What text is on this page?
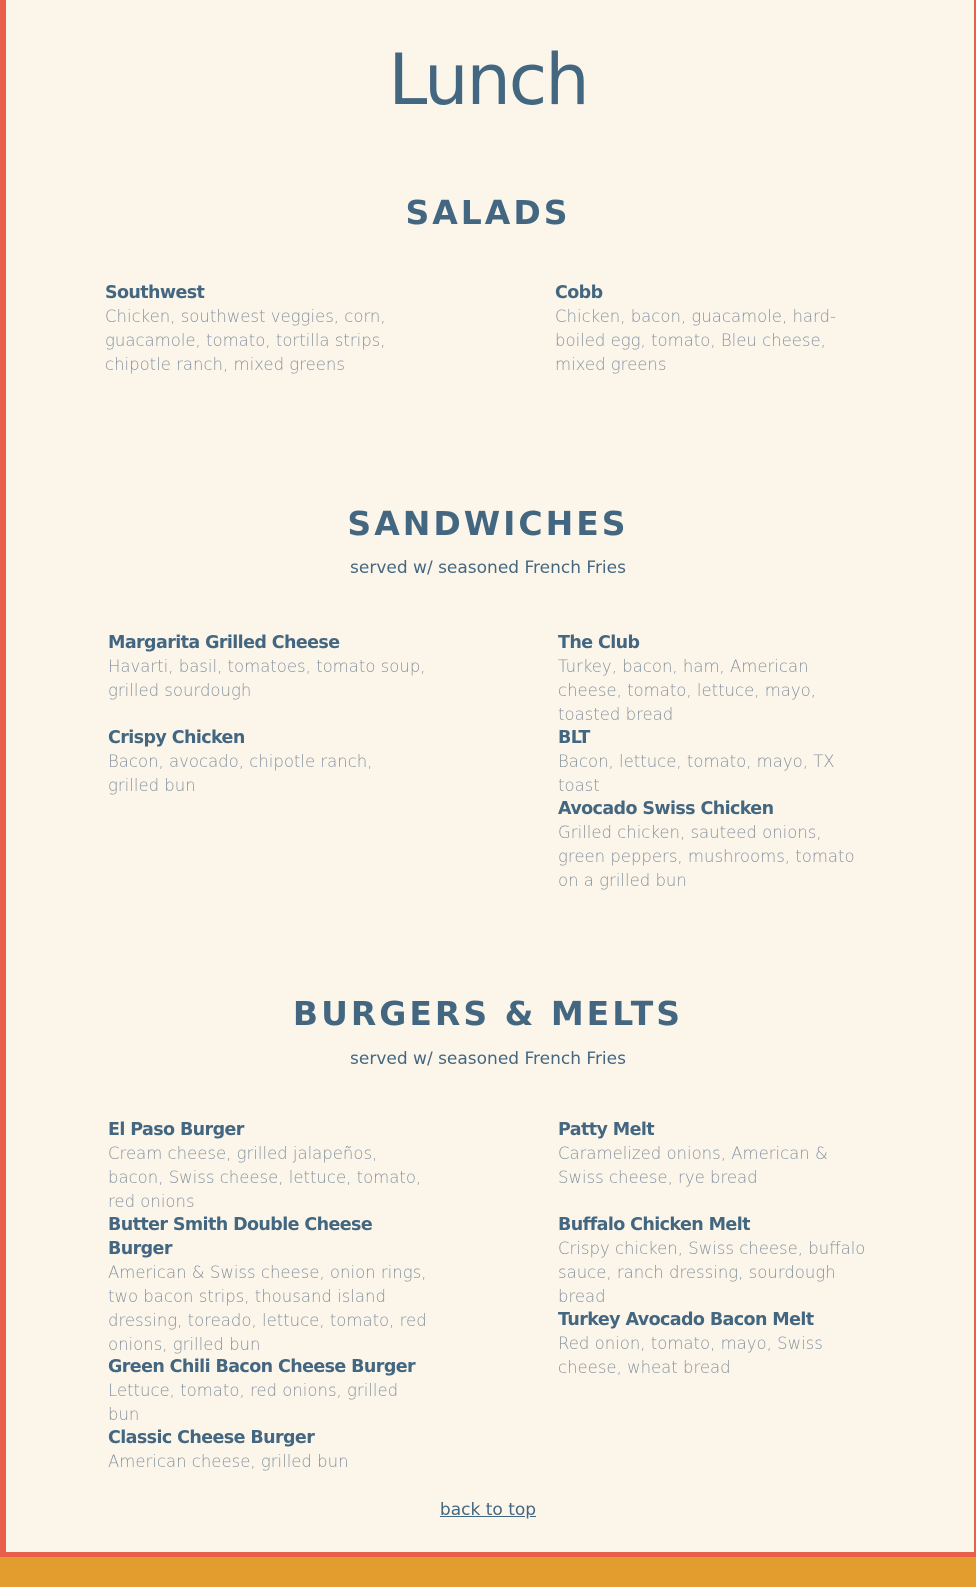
Lunch
SALADS

Southwest

Chicken, southwest veggies, corn, guacamole, tomato, tortilla strips, chipotle ranch, mixed greens

Cobb

Chicken, bacon, guacamole, hard-boiled egg, tomato, Bleu cheese, mixed greens

SANDWICHES

served w/ seasoned French Fries

Margarita Grilled Cheese

Havarti, basil, tomatoes, tomato soup, grilled sourdough

Crispy Chicken

Bacon, avocado, chipotle ranch, grilled bun

The Club

Turkey, bacon, ham, American cheese, tomato, lettuce, mayo, toasted bread

BLT

Bacon, lettuce, tomato, mayo, TX toast

Avocado Swiss Chicken

Grilled chicken, sauteed onions, green peppers, mushrooms, tomato on a grilled bun

BURGERS & MELTS

served w/ seasoned French Fries

El Paso Burger

Cream cheese, grilled jalapeños, bacon, Swiss cheese, lettuce, tomato, red onions

Butter Smith Double Cheese Burger

American & Swiss cheese, onion rings, two bacon strips, thousand island dressing, toreado, lettuce, tomato, red onions, grilled bun

Green Chili Bacon Cheese Burger

Lettuce, tomato, red onions, grilled bun

Classic Cheese Burger

American cheese, grilled bun

Patty Melt

Caramelized onions, American & Swiss cheese, rye bread

Buffalo Chicken Melt

Crispy chicken, Swiss cheese, buffalo sauce, ranch dressing, sourdough bread

Turkey Avocado Bacon Melt

Red onion, tomato, mayo, Swiss cheese, wheat bread

back to top
